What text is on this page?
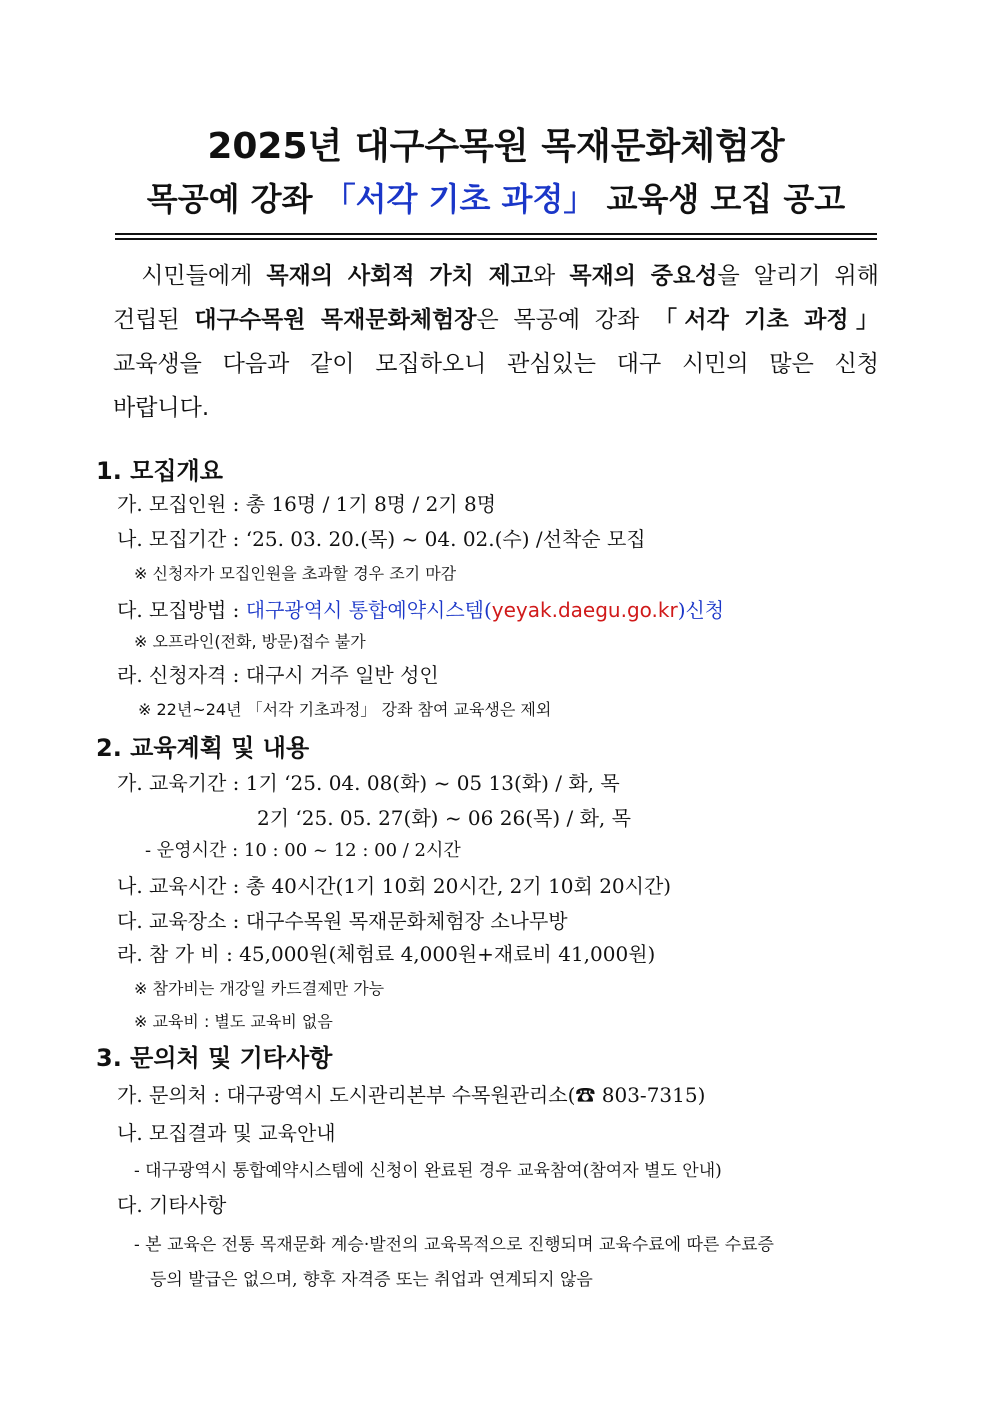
2025년 대구수목원 목재문화체험장
목공예 강좌 「서각 기초 과정」 교육생 모집 공고
시민들에게 목재의 사회적 가치 제고와 목재의 중요성을 알리기 위해
건립된 대구수목원 목재문화체험장은 목공예 강좌 「서각 기초 과정」
교육생을 다음과 같이 모집하오니 관심있는 대구 시민의 많은 신청
바랍니다.
1. 모집개요
가. 모집인원 : 총 16명 / 1기 8명 / 2기 8명
나. 모집기간 : ‘25. 03. 20.(목) ~ 04. 02.(수) /선착순 모집
※ 신청자가 모집인원을 초과할 경우 조기 마감
다. 모집방법 : 대구광역시 통합예약시스템(yeyak.daegu.go.kr)신청
※ 오프라인(전화, 방문)접수 불가
라. 신청자격 : 대구시 거주 일반 성인
※ 22년~24년 「서각 기초과정」 강좌 참여 교육생은 제외
2. 교육계획 및 내용
가. 교육기간 : 1기 ‘25. 04. 08(화) ~ 05 13(화) / 화, 목
2기 ‘25. 05. 27(화) ~ 06 26(목) / 화, 목
- 운영시간 : 10 : 00 ~ 12 : 00 / 2시간
나. 교육시간 : 총 40시간(1기 10회 20시간, 2기 10회 20시간)
다. 교육장소 : 대구수목원 목재문화체험장 소나무방
라. 참 가 비 : 45,000원(체험료 4,000원+재료비 41,000원)
※ 참가비는 개강일 카드결제만 가능
※ 교육비 : 별도 교육비 없음
3. 문의처 및 기타사항
가. 문의처 : 대구광역시 도시관리본부 수목원관리소(☎ 803-7315)
나. 모집결과 및 교육안내
- 대구광역시 통합예약시스템에 신청이 완료된 경우 교육참여(참여자 별도 안내)
다. 기타사항
- 본 교육은 전통 목재문화 계승·발전의 교육목적으로 진행되며 교육수료에 따른 수료증
등의 발급은 없으며, 향후 자격증 또는 취업과 연계되지 않음
